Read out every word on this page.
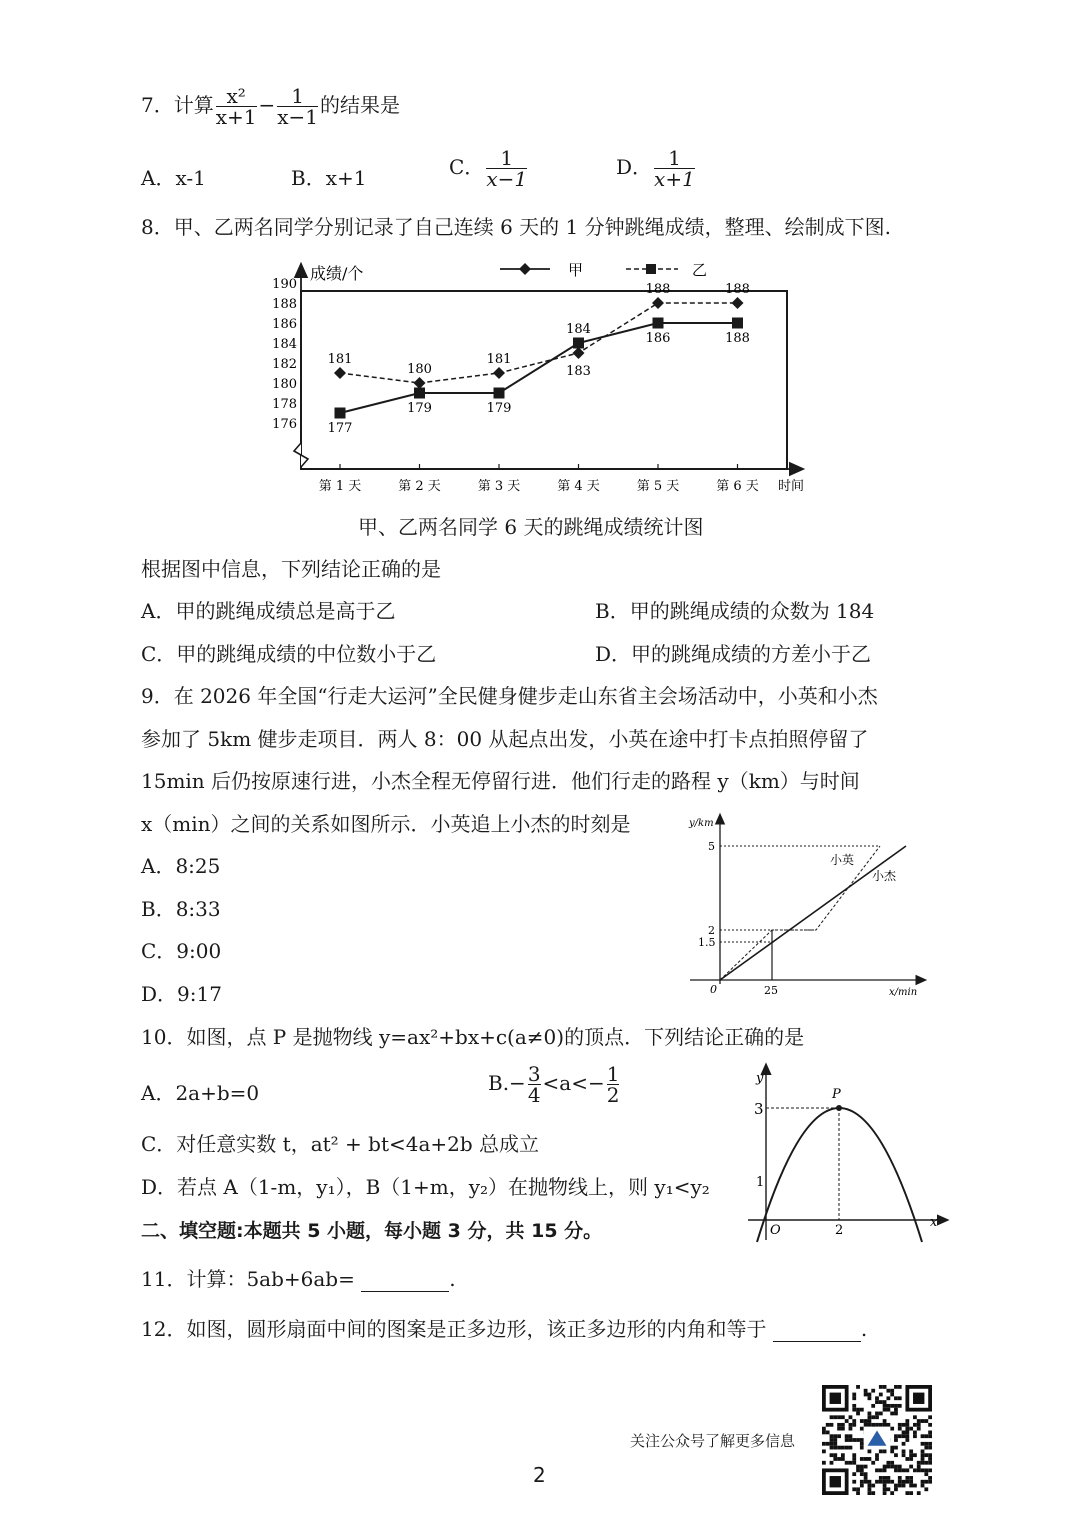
7．计算 $\frac{\text{x²}}{x+1} - \frac{1}{x-1}$ 的结果是
A．x-1	B．x+1	C． $\frac{1}{x-1}$	D． $\frac{1}{x+1}$
8．甲、乙两名同学分别记录了自己连续 6 天的 1 分钟跳绳成绩，整理、绘制成下图.
成绩/个
时间
176
178
180
182
184
186
188
190
第 1 天	第 2 天	第 3 天	第 4 天	第 5 天	第 6 天
甲	乙
181
180
181
183
188	188
177
179	179
184
186	188
甲、乙两名同学 6 天的跳绳成绩统计图
根据图中信息，下列结论正确的是
A．甲的跳绳成绩总是高于乙	B．甲的跳绳成绩的众数为 184
C．甲的跳绳成绩的中位数小于乙	D．甲的跳绳成绩的方差小于乙
9．在 2026 年全国“行走大运河”全民健身健步走山东省主会场活动中，小英和小杰
参加了 5km 健步走项目．两人 8：00 从起点出发，小英在途中打卡点拍照停留了
15min 后仍按原速行进，小杰全程无停留行进．他们行走的路程 y（km）与时间
x（min）之间的关系如图所示．小英追上小杰的时刻是
A．8:25
B．8:33
C．9:00
D．9:17
y/km
x/min
0
5
2
1.5
25
小英
小杰
10．如图，点 P 是抛物线 y=ax²+bx+c(a≠0)的顶点．下列结论正确的是
A．2a+b=0	$B.- \frac{3}{4} <a<- \frac{1}{2}$
C．对任意实数 t，at² + bt<4a+2b 总成立
D．若点 A（1-m，y₁），B（1+m，y₂）在抛物线上，则 y₁<y₂
y
x
O
P
3
1
2
二、填空题:本题共 5 小题，每小题 3 分，共 15 分。
11．计算：5ab+6ab=	.
12．如图，圆形扇面中间的图案是正多边形，该正多边形的内角和等于	.
关注公众号了解更多信息
2
